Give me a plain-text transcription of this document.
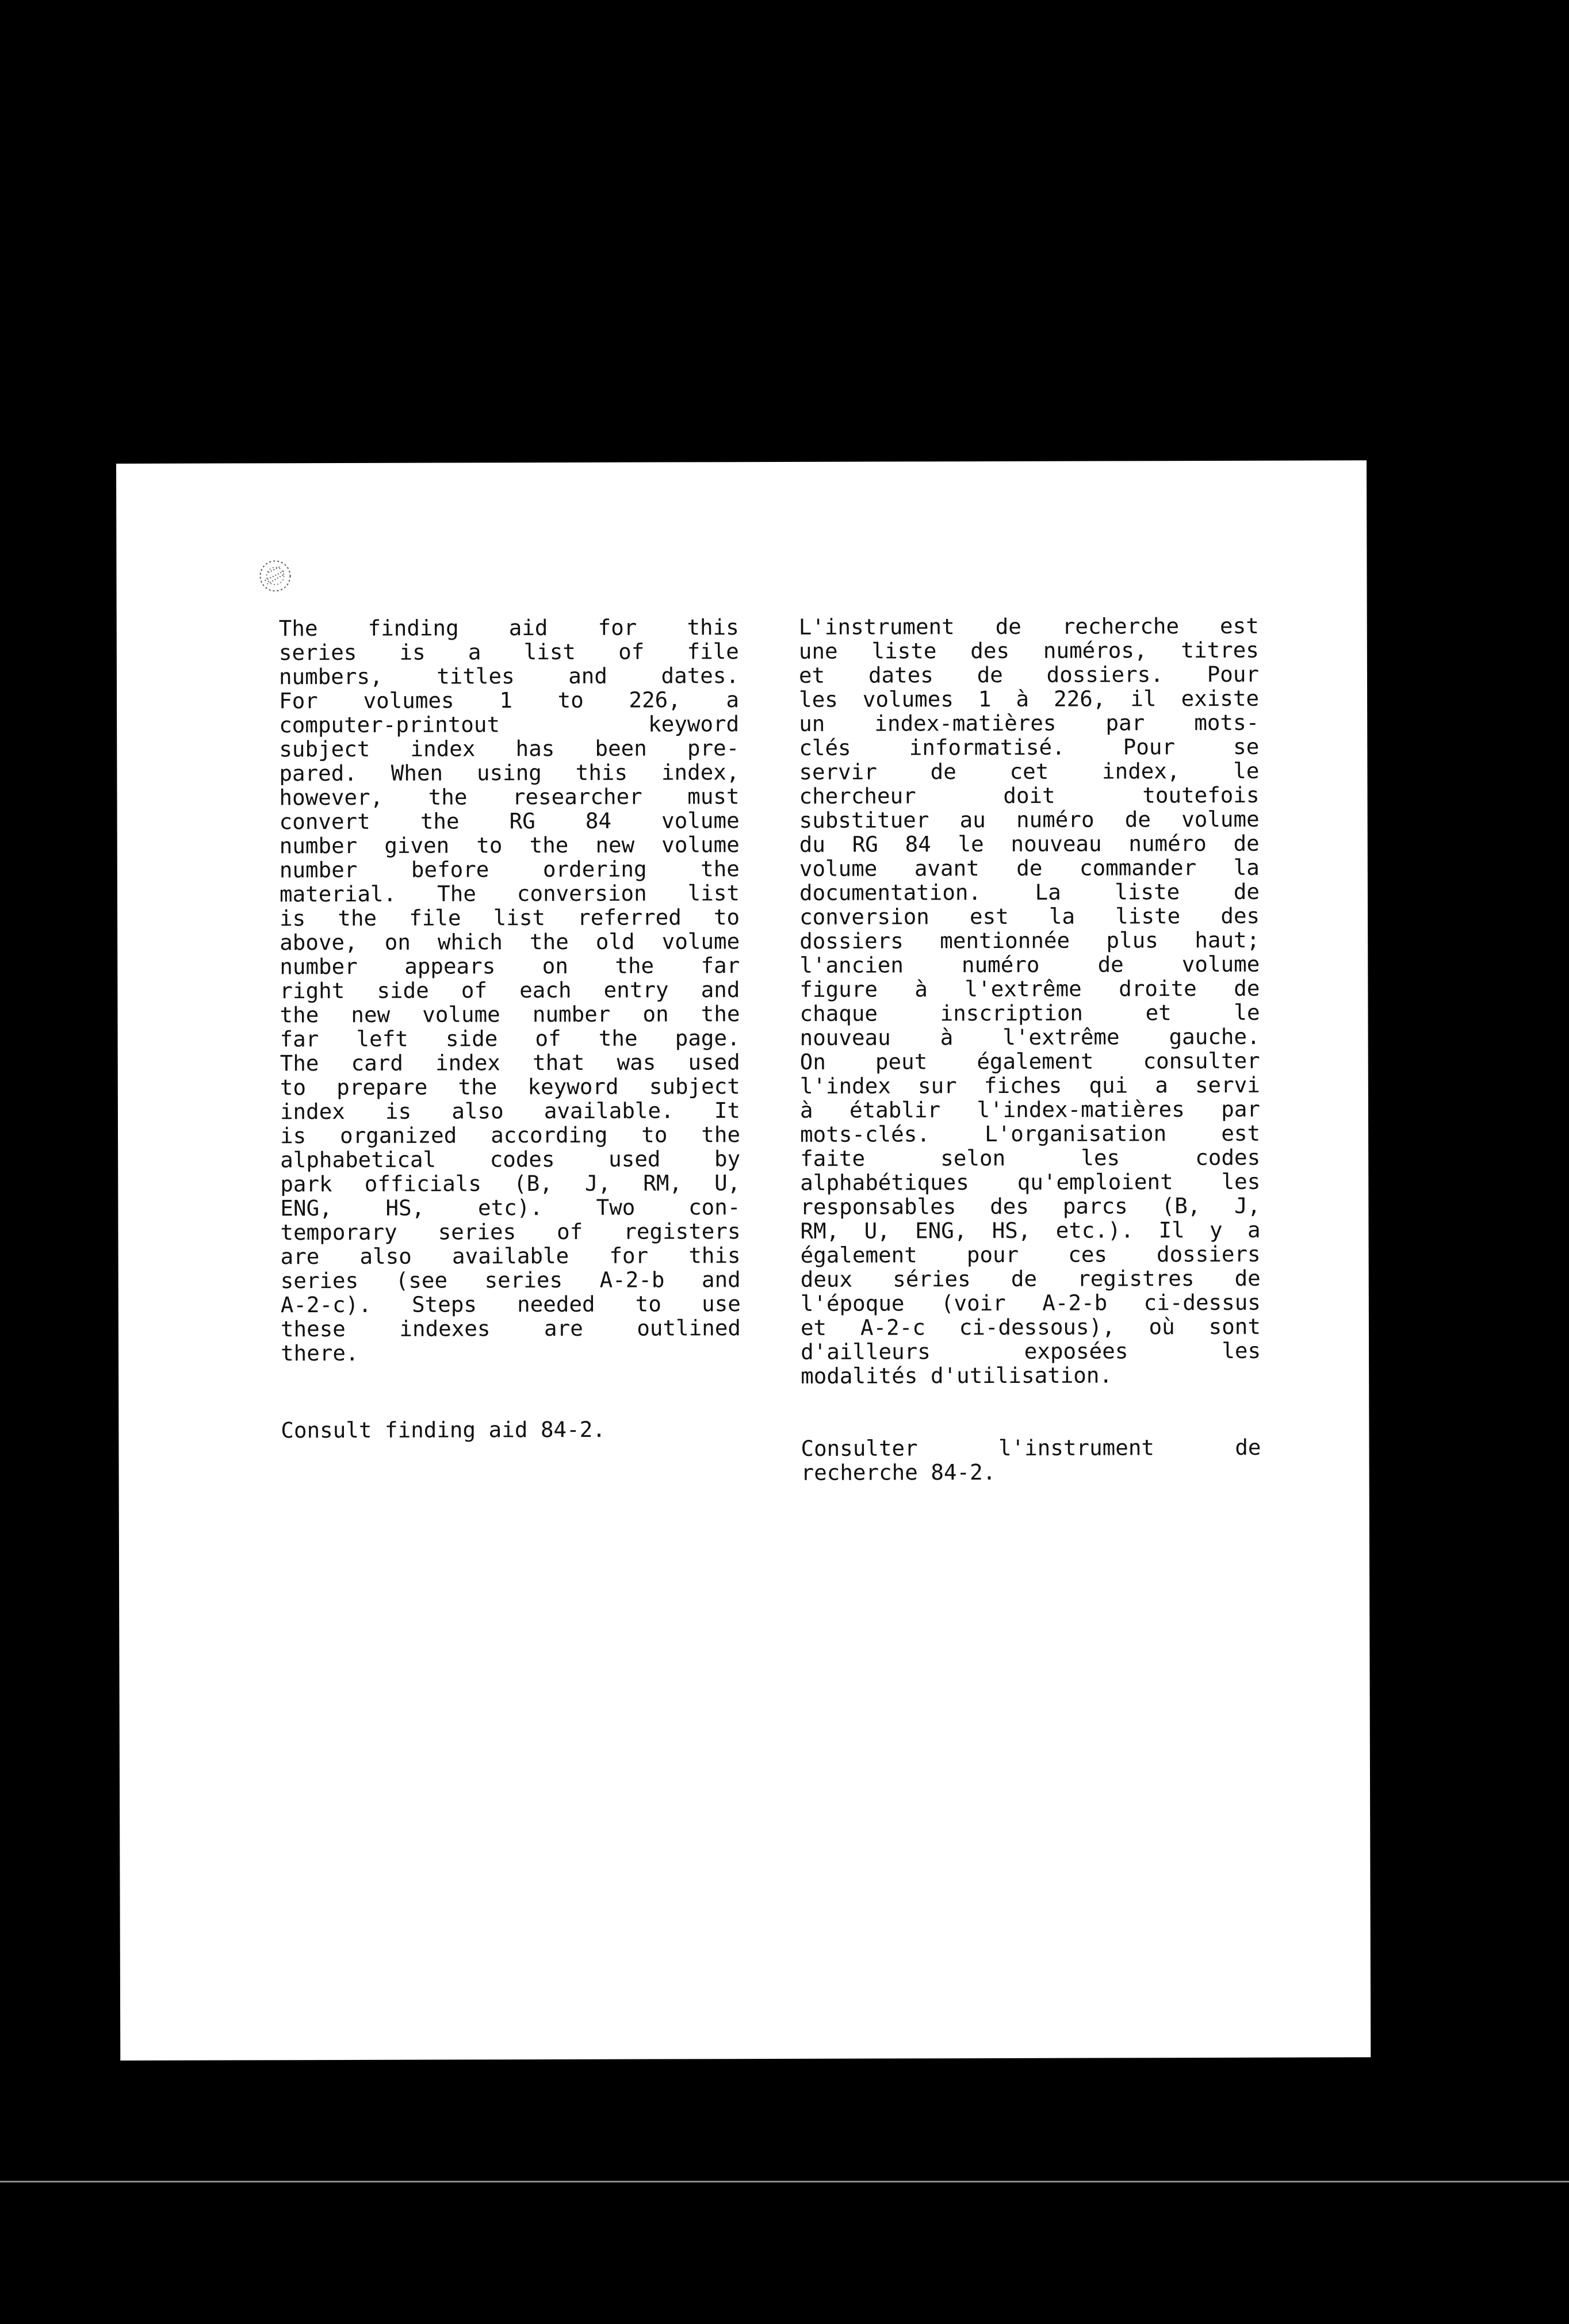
The finding aid for this
series is a list of file
numbers, titles and dates.
For volumes 1 to 226, a
computer-printout keyword
subject index has been pre-
pared. When using this index,
however, the researcher must
convert the RG 84 volume
number given to the new volume
number before ordering the
material. The conversion list
is the file list referred to
above, on which the old volume
number appears on the far
right side of each entry and
the new volume number on the
far left side of the page.
The card index that was used
to prepare the keyword subject
index is also available. It
is organized according to the
alphabetical codes used by
park officials (B, J, RM, U,
ENG, HS, etc). Two con-
temporary series of registers
are also available for this
series (see series A-2-b and
A-2-c). Steps needed to use
these indexes are outlined
there.
Consult finding aid 84-2.
L'instrument de recherche est
une liste des numéros, titres
et dates de dossiers. Pour
les volumes 1 à 226, il existe
un index-matières par mots-
clés informatisé. Pour se
servir de cet index, le
chercheur doit toutefois
substituer au numéro de volume
du RG 84 le nouveau numéro de
volume avant de commander la
documentation. La liste de
conversion est la liste des
dossiers mentionnée plus haut;
l'ancien numéro de volume
figure à l'extrême droite de
chaque inscription et le
nouveau à l'extrême gauche.
On peut également consulter
l'index sur fiches qui a servi
à établir l'index-matières par
mots-clés. L'organisation est
faite selon les codes
alphabétiques qu'emploient les
responsables des parcs (B, J,
RM, U, ENG, HS, etc.). Il y a
également pour ces dossiers
deux séries de registres de
l'époque (voir A-2-b ci-dessus
et A-2-c ci-dessous), où sont
d'ailleurs exposées les
modalités d'utilisation.
Consulter l'instrument de
recherche 84-2.
